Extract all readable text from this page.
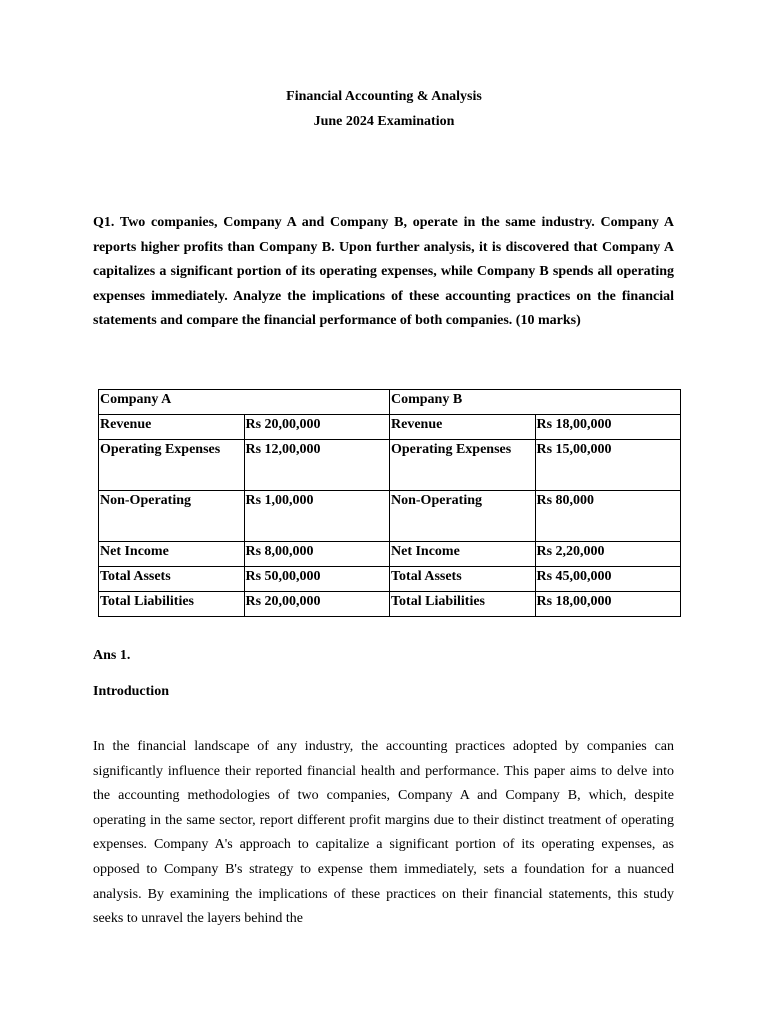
Financial Accounting & Analysis
June 2024 Examination
Q1. Two companies, Company A and Company B, operate in the same industry. Company A reports higher profits than Company B. Upon further analysis, it is discovered that Company A capitalizes a significant portion of its operating expenses, while Company B spends all operating expenses immediately. Analyze the implications of these accounting practices on the financial statements and compare the financial performance of both companies. (10 marks)
Company A		Company B	
Revenue	Rs 20,00,000	Revenue	Rs 18,00,000
Operating Expenses	Rs 12,00,000	Operating Expenses	Rs 15,00,000
Non-Operating	Rs 1,00,000	Non-Operating	Rs 80,000
Net Income	Rs 8,00,000	Net Income	Rs 2,20,000
Total Assets	Rs 50,00,000	Total Assets	Rs 45,00,000
Total Liabilities	Rs 20,00,000	Total Liabilities	Rs 18,00,000
Ans 1.
Introduction
In the financial landscape of any industry, the accounting practices adopted by companies can significantly influence their reported financial health and performance. This paper aims to delve into the accounting methodologies of two companies, Company A and Company B, which, despite operating in the same sector, report different profit margins due to their distinct treatment of operating expenses. Company A's approach to capitalize a significant portion of its operating expenses, as opposed to Company B's strategy to expense them immediately, sets a foundation for a nuanced analysis. By examining the implications of these practices on their financial statements, this study seeks to unravel the layers behind the
